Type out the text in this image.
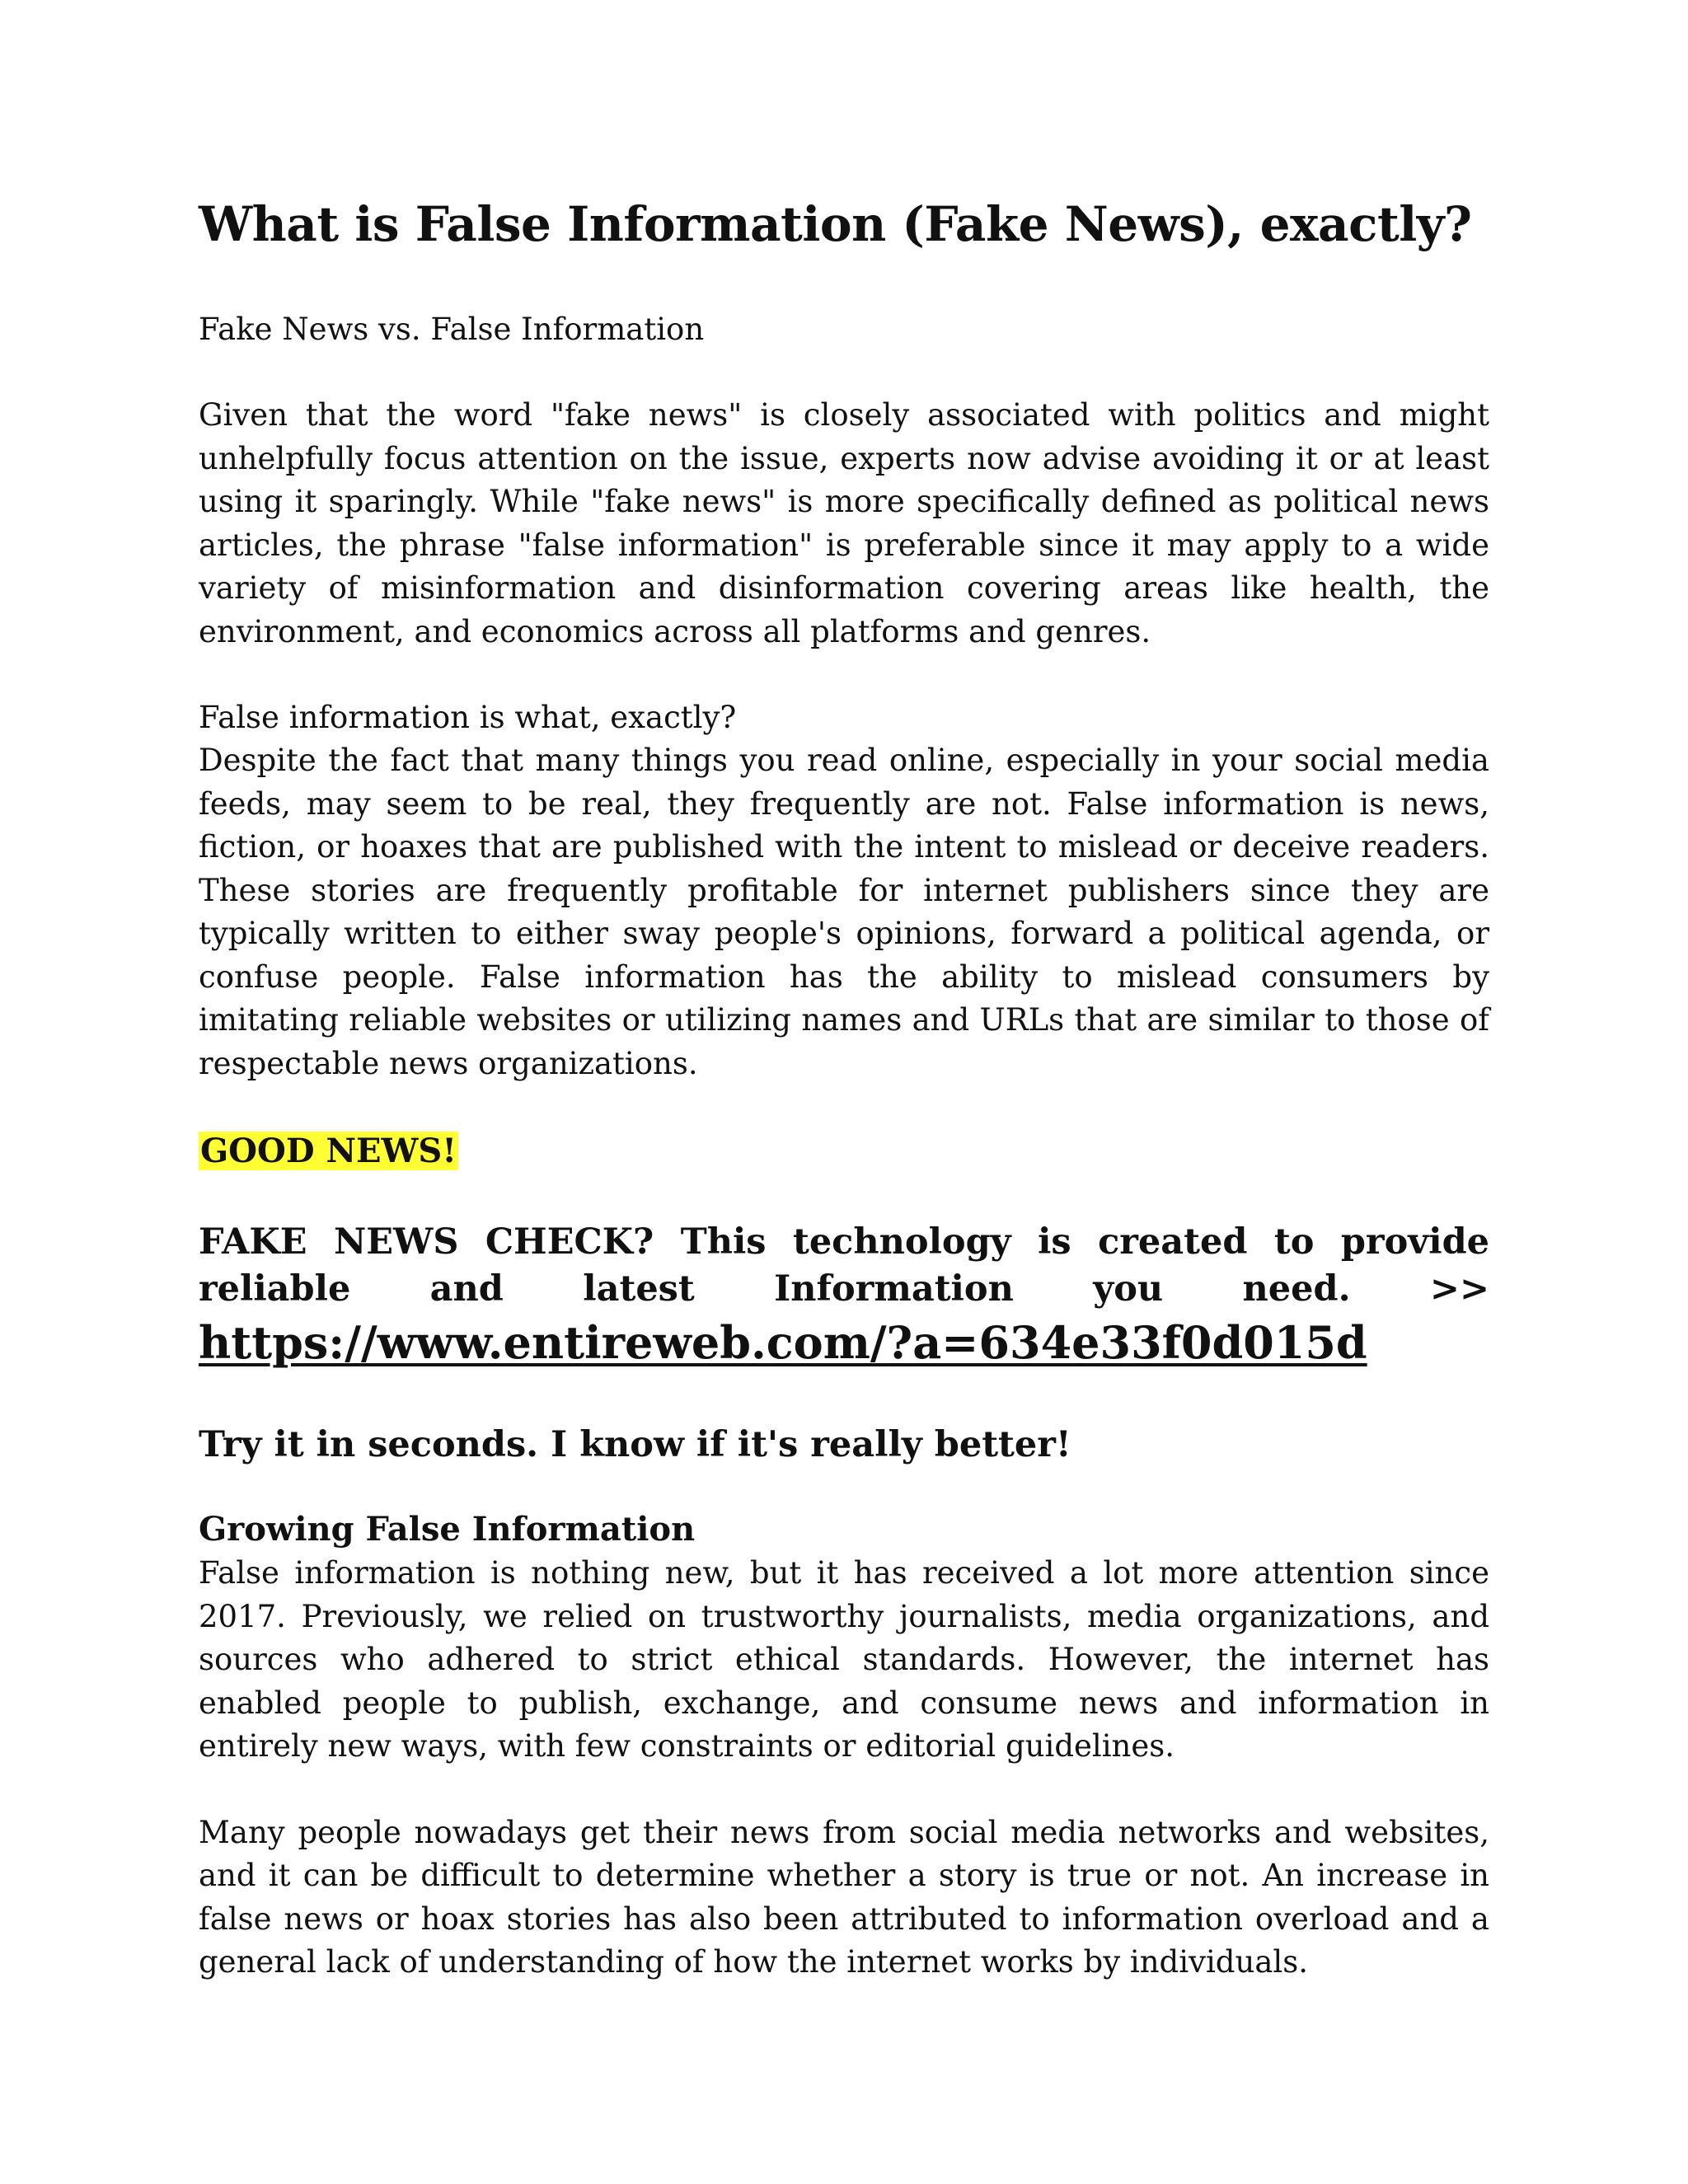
What is False Information (Fake News), exactly?

Fake News vs. False Information

Given that the word "fake news" is closely associated with politics and might unhelpfully focus attention on the issue, experts now advise avoiding it or at least using it sparingly. While "fake news" is more specifically defined as political news articles, the phrase "false information" is preferable since it may apply to a wide variety of misinformation and disinformation covering areas like health, the environment, and economics across all platforms and genres.

False information is what, exactly?

Despite the fact that many things you read online, especially in your social media feeds, may seem to be real, they frequently are not. False information is news, fiction, or hoaxes that are published with the intent to mislead or deceive readers. These stories are frequently profitable for internet publishers since they are typically written to either sway people's opinions, forward a political agenda, or confuse people. False information has the ability to mislead consumers by imitating reliable websites or utilizing names and URLs that are similar to those of respectable news organizations.

GOOD NEWS!

FAKE NEWS CHECK? This technology is created to provide reliable and latest Information you need. >>

https://www.entireweb.com/?a=634e33f0d015d

Try it in seconds. I know if it's really better!

Growing False Information

False information is nothing new, but it has received a lot more attention since 2017. Previously, we relied on trustworthy journalists, media organizations, and sources who adhered to strict ethical standards. However, the internet has enabled people to publish, exchange, and consume news and information in entirely new ways, with few constraints or editorial guidelines.

Many people nowadays get their news from social media networks and websites, and it can be difficult to determine whether a story is true or not. An increase in false news or hoax stories has also been attributed to information overload and a general lack of understanding of how the internet works by individuals.
